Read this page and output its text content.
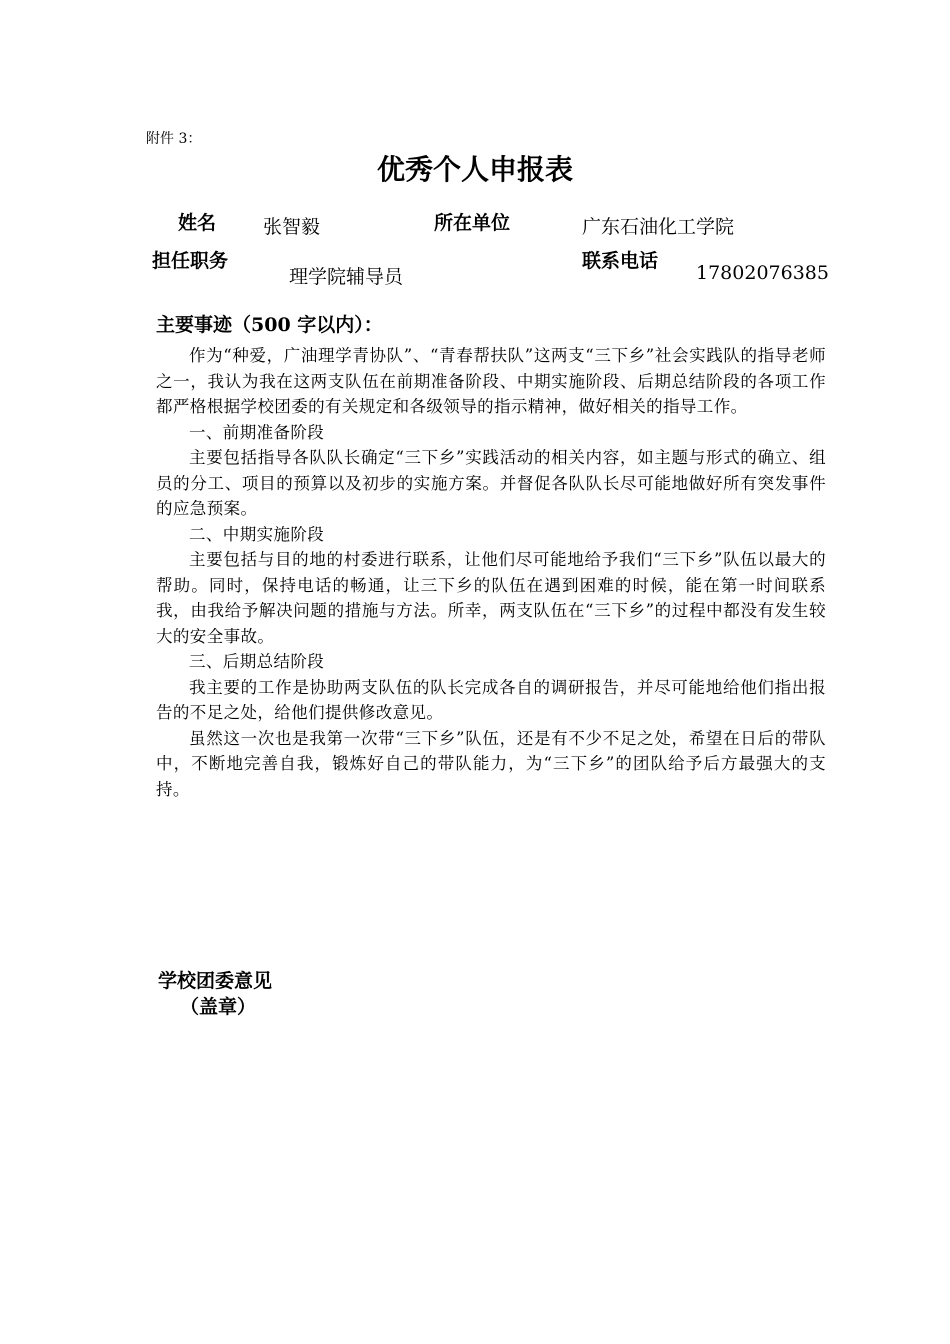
附件 3：
优秀个人申报表
姓名 张智毅	所在单位	广东石油化工学院
担任职务
理学院辅导员
联系电话
17802076385
主要事迹（500 字以内）：

作为“种爱，广油理学青协队”、“青春帮扶队”这两支“三下乡”社会实践队的指导老师之一，我认为我在这两支队伍在前期准备阶段、中期实施阶段、后期总结阶段的各项工作都严格根据学校团委的有关规定和各级领导的指示精神，做好相关的指导工作。

一、前期准备阶段

主要包括指导各队队长确定“三下乡”实践活动的相关内容，如主题与形式的确立、组员的分工、项目的预算以及初步的实施方案。并督促各队队长尽可能地做好所有突发事件的应急预案。

二、中期实施阶段

主要包括与目的地的村委进行联系，让他们尽可能地给予我们“三下乡”队伍以最大的帮助。同时，保持电话的畅通，让三下乡的队伍在遇到困难的时候，能在第一时间联系我，由我给予解决问题的措施与方法。所幸，两支队伍在“三下乡”的过程中都没有发生较大的安全事故。

三、后期总结阶段

我主要的工作是协助两支队伍的队长完成各自的调研报告，并尽可能地给他们指出报告的不足之处，给他们提供修改意见。

虽然这一次也是我第一次带“三下乡”队伍，还是有不少不足之处，希望在日后的带队中，不断地完善自我，锻炼好自己的带队能力，为“三下乡”的团队给予后方最强大的支持。

学校团委意见
（盖章）
